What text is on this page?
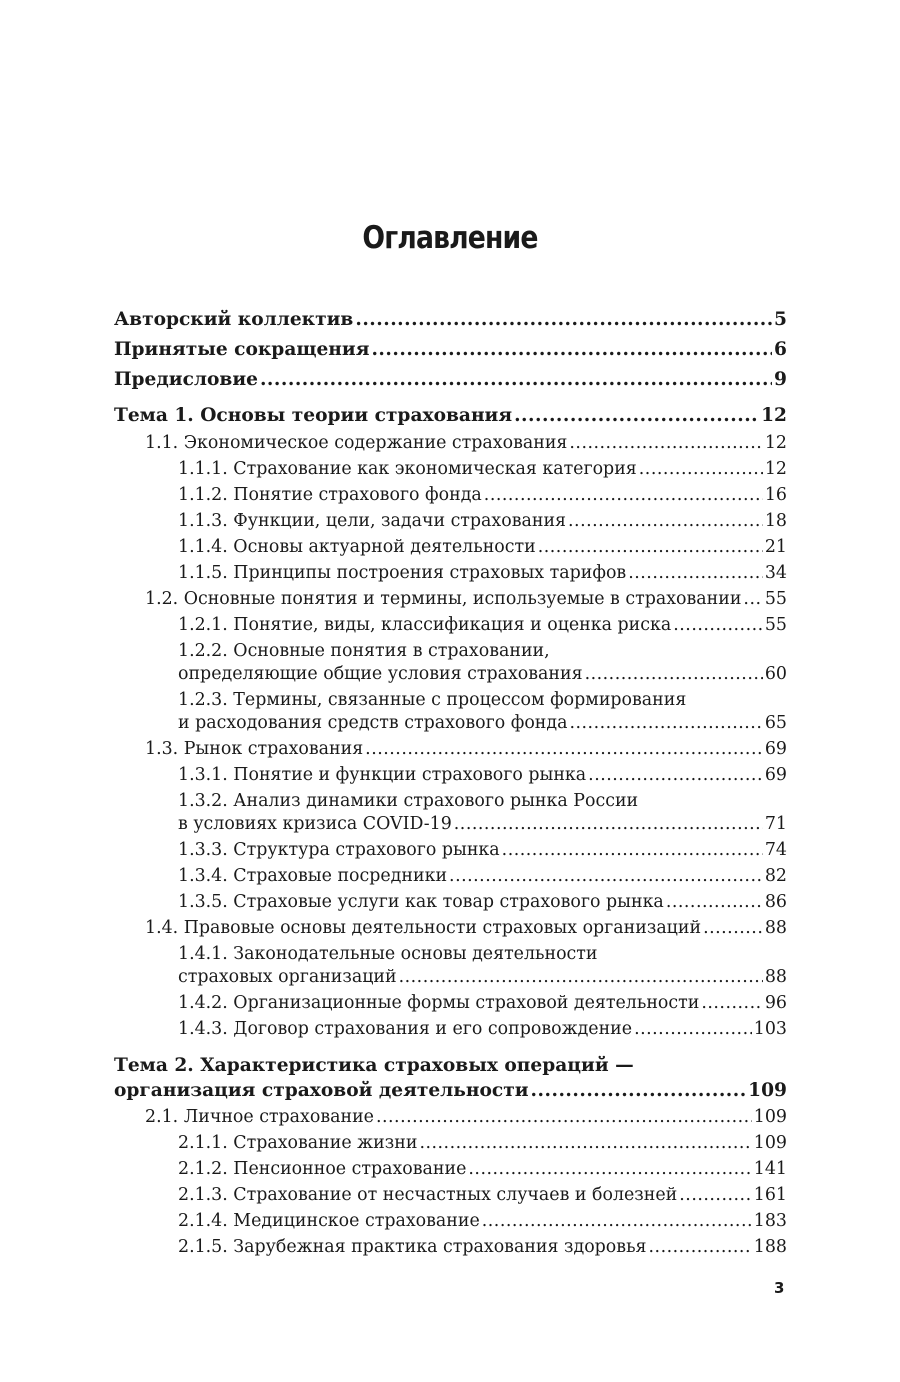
Оглавление
Авторский коллектив .....	5
Принятые сокращения .....	6
Предисловие .....	9
Тема 1. Основы теории страхования .....	12
1.1. Экономическое содержание страхования .....	12
1.1.1. Страхование как экономическая категория .....	12
1.1.2. Понятие страхового фонда .....	16
1.1.3. Функции, цели, задачи страхования .....	18
1.1.4. Основы актуарной деятельности .....	21
1.1.5. Принципы построения страховых тарифов .....	34
1.2. Основные понятия и термины, используемые в страховании ..... 55
1.2.1. Понятие, виды, классификация и оценка риска .....	55
1.2.2. Основные понятия в страховании,
определяющие общие условия страхования .....	60
1.2.3. Термины, связанные с процессом формирования
и расходования средств страхового фонда .....	65
1.3. Рынок страхования .....	69
1.3.1. Понятие и функции страхового рынка .....	69
1.3.2. Анализ динамики страхового рынка России
в условиях кризиса COVID-19 .....	71
1.3.3. Структура страхового рынка .....	74
1.3.4. Страховые посредники .....	82
1.3.5. Страховые услуги как товар страхового рынка .....	86
1.4. Правовые основы деятельности страховых организаций .....	88
1.4.1. Законодательные основы деятельности
страховых организаций .....	88
1.4.2. Организационные формы страховой деятельности .....	96
1.4.3. Договор страхования и его сопровождение .....	103
Тема 2. Характеристика страховых операций —
организация страховой деятельности .....	109
2.1. Личное страхование .....	109
2.1.1. Страхование жизни .....	109
2.1.2. Пенсионное страхование .....	141
2.1.3. Страхование от несчастных случаев и болезней .....	161
2.1.4. Медицинское страхование .....	183
2.1.5. Зарубежная практика страхования здоровья .....	188
3
